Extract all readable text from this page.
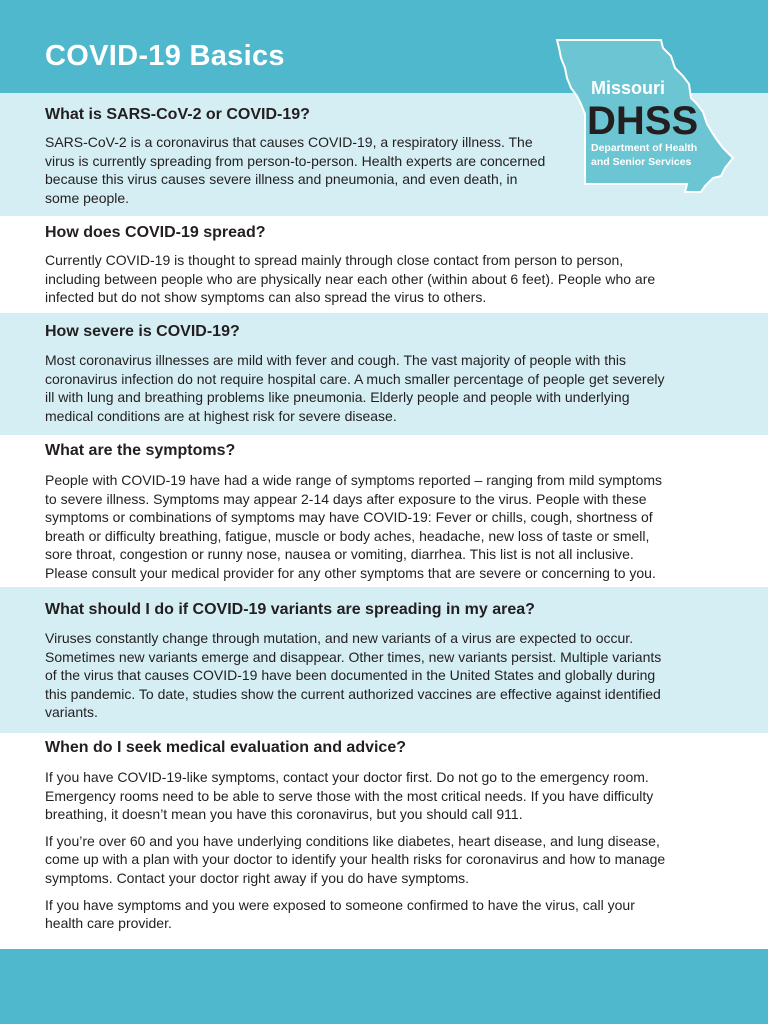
COVID-19 Basics
What is SARS-CoV-2 or COVID-19?

SARS-CoV-2 is a coronavirus that causes COVID-19, a respiratory illness. The
virus is currently spreading from person-to-person. Health experts are concerned
because this virus causes severe illness and pneumonia, and even death, in
some people.

How does COVID-19 spread?

Currently COVID-19 is thought to spread mainly through close contact from person to person,
including between people who are physically near each other (within about 6 feet). People who are
infected but do not show symptoms can also spread the virus to others.

How severe is COVID-19?

Most coronavirus illnesses are mild with fever and cough. The vast majority of people with this
coronavirus infection do not require hospital care. A much smaller percentage of people get severely
ill with lung and breathing problems like pneumonia. Elderly people and people with underlying
medical conditions are at highest risk for severe disease.

What are the symptoms?

People with COVID-19 have had a wide range of symptoms reported – ranging from mild symptoms
to severe illness. Symptoms may appear 2-14 days after exposure to the virus. People with these
symptoms or combinations of symptoms may have COVID-19: Fever or chills, cough, shortness of
breath or difficulty breathing, fatigue, muscle or body aches, headache, new loss of taste or smell,
sore throat, congestion or runny nose, nausea or vomiting, diarrhea. This list is not all inclusive.
Please consult your medical provider for any other symptoms that are severe or concerning to you.

What should I do if COVID-19 variants are spreading in my area?

Viruses constantly change through mutation, and new variants of a virus are expected to occur.
Sometimes new variants emerge and disappear. Other times, new variants persist. Multiple variants
of the virus that causes COVID-19 have been documented in the United States and globally during
this pandemic. To date, studies show the current authorized vaccines are effective against identified
variants.

When do I seek medical evaluation and advice?

If you have COVID-19-like symptoms, contact your doctor first. Do not go to the emergency room.
Emergency rooms need to be able to serve those with the most critical needs. If you have difficulty
breathing, it doesn’t mean you have this coronavirus, but you should call 911.

If you’re over 60 and you have underlying conditions like diabetes, heart disease, and lung disease,
come up with a plan with your doctor to identify your health risks for coronavirus and how to manage
symptoms. Contact your doctor right away if you do have symptoms.

If you have symptoms and you were exposed to someone confirmed to have the virus, call your
health care provider.

Missouri
DHSS
Department of Health
and Senior Services
